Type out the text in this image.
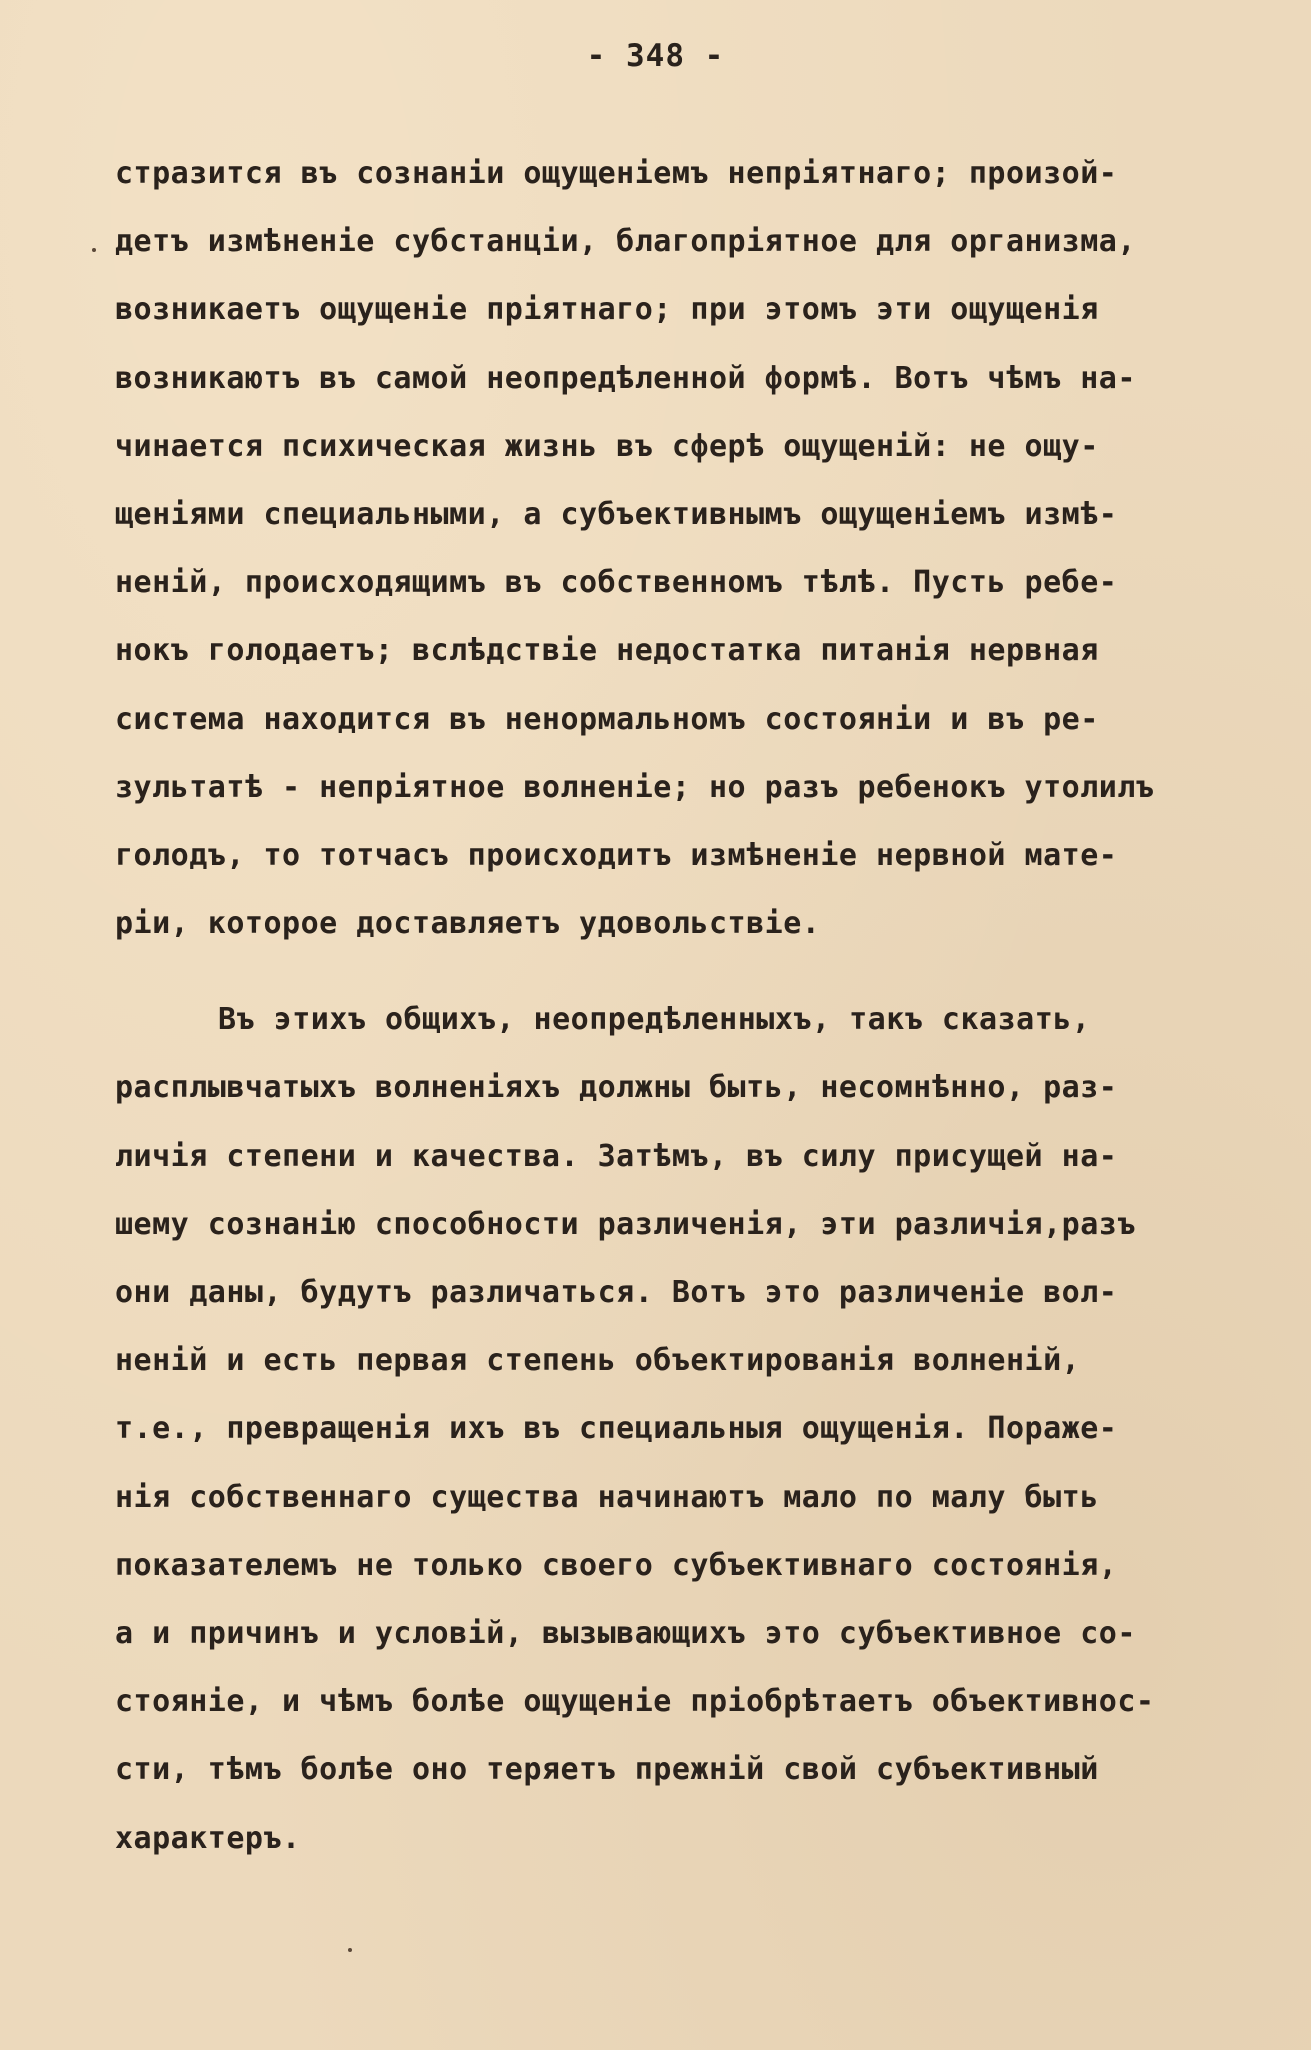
- 348 -
стразится въ сознанiи ощущенiемъ непрiятнаго; произой-
детъ измѣненiе субстанцiи, благопрiятное для организма,
возникаетъ ощущенiе прiятнаго; при этомъ эти ощущенiя
возникаютъ въ самой неопредѣленной формѣ. Вотъ чѣмъ на-
чинается психическая жизнь въ сферѣ ощущенiй: не ощу-
щенiями специальными, а субъективнымъ ощущенiемъ измѣ-
ненiй, происходящимъ въ собственномъ тѣлѣ. Пусть ребе-
нокъ голодаетъ; вслѣдствiе недостатка питанiя нервная
система находится въ ненормальномъ состоянiи и въ ре-
зультатѣ - непрiятное волненiе; но разъ ребенокъ утолилъ
голодъ, то тотчасъ происходитъ измѣненiе нервной мате-
рiи, которое доставляетъ удовольствiе.
Въ этихъ общихъ, неопредѣленныхъ, такъ сказать,
расплывчатыхъ волненiяхъ должны быть, несомнѣнно, раз-
личiя степени и качества. Затѣмъ, въ силу присущей на-
шему сознанiю способности различенiя, эти различiя,разъ
они даны, будутъ различаться. Вотъ это различенiе вол-
ненiй и есть первая степень объектированiя волненiй,
т.е., превращенiя ихъ въ специальныя ощущенiя. Пораже-
нiя собственнаго существа начинаютъ мало по малу быть
показателемъ не только своего субъективнаго состоянiя,
а и причинъ и условiй, вызывающихъ это субъективное со-
стоянiе, и чѣмъ болѣе ощущенiе прiобрѣтаетъ объективнос-
сти, тѣмъ болѣе оно теряетъ прежнiй свой субъективный
характеръ.
